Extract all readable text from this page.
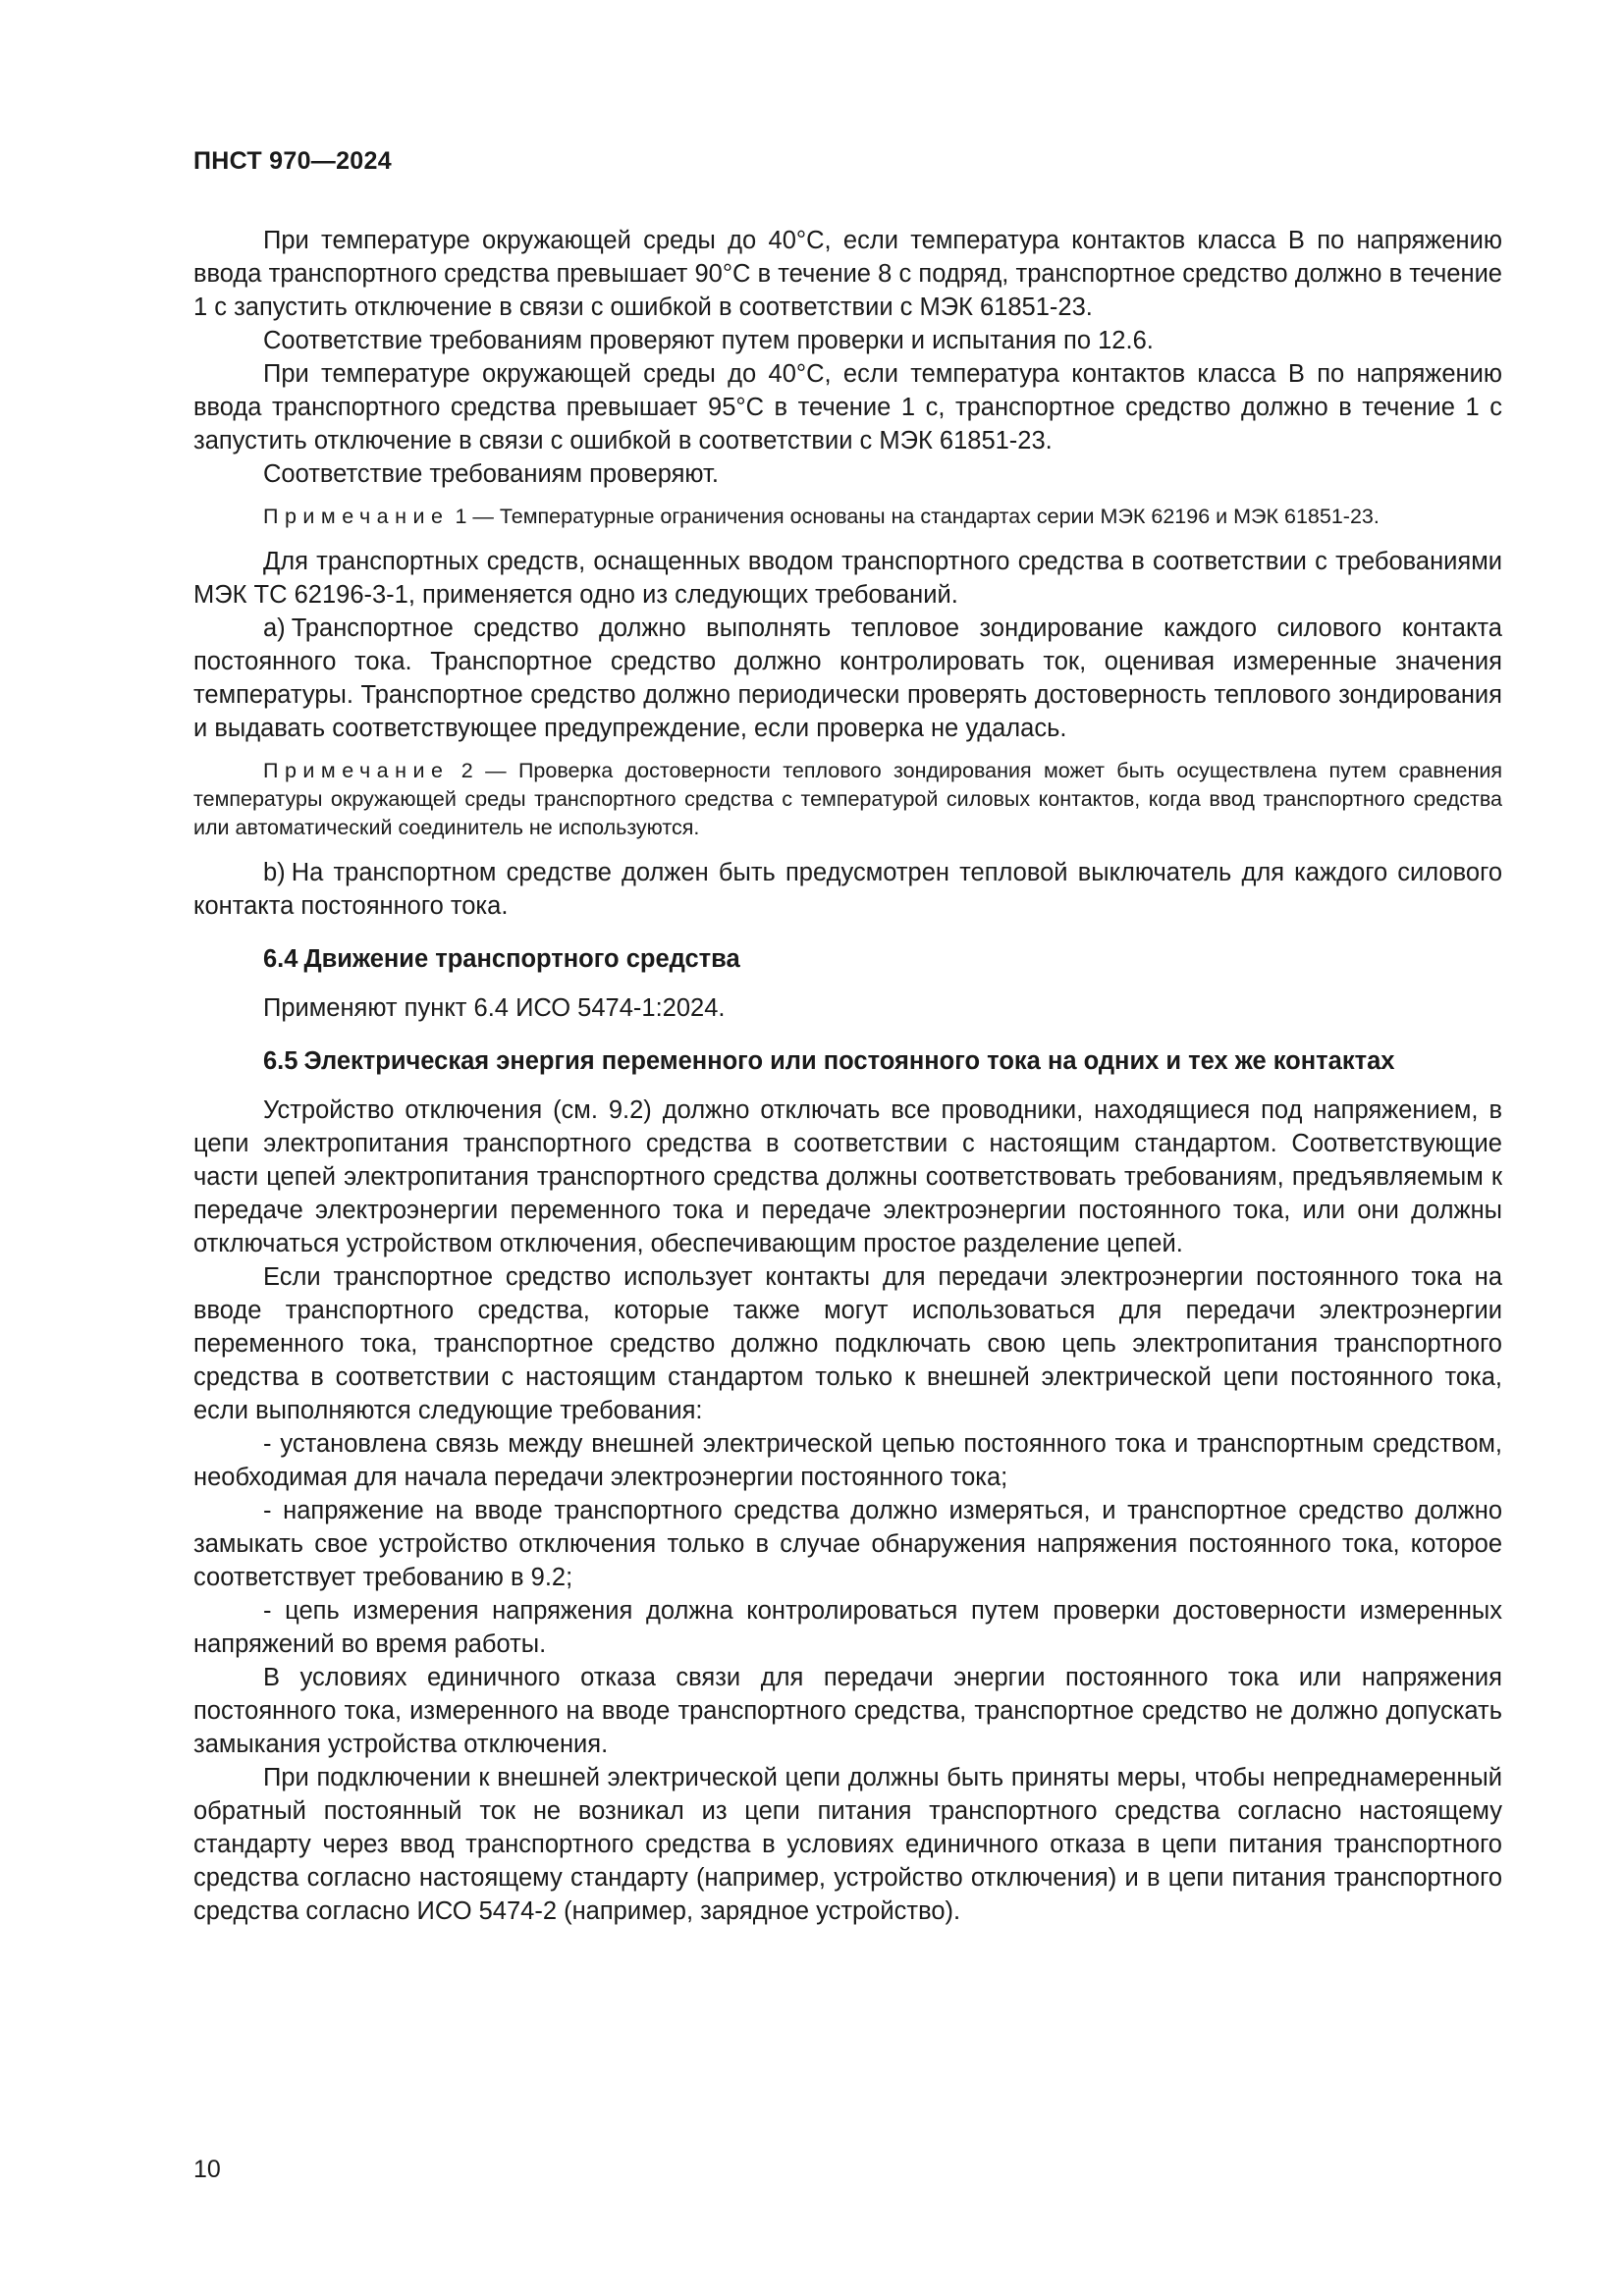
ПНСТ 970—2024

При температуре окружающей среды до 40°C, если температура контактов класса B по напряжению ввода транспортного средства превышает 90°C в течение 8 с подряд, транспортное средство должно в течение 1 с запустить отключение в связи с ошибкой в соответствии с МЭК 61851-23.

Соответствие требованиям проверяют путем проверки и испытания по 12.6.

При температуре окружающей среды до 40°C, если температура контактов класса B по напряжению ввода транспортного средства превышает 95°C в течение 1 с, транспортное средство должно в течение 1 с запустить отключение в связи с ошибкой в соответствии с МЭК 61851-23.

Соответствие требованиям проверяют.

Примечание 1 — Температурные ограничения основаны на стандартах серии МЭК 62196 и МЭК 61851-23.

Для транспортных средств, оснащенных вводом транспортного средства в соответствии с требованиями МЭК ТС 62196-3-1, применяется одно из следующих требований.

a) Транспортное средство должно выполнять тепловое зондирование каждого силового контакта постоянного тока. Транспортное средство должно контролировать ток, оценивая измеренные значения температуры. Транспортное средство должно периодически проверять достоверность теплового зондирования и выдавать соответствующее предупреждение, если проверка не удалась.

Примечание 2 — Проверка достоверности теплового зондирования может быть осуществлена путем сравнения температуры окружающей среды транспортного средства с температурой силовых контактов, когда ввод транспортного средства или автоматический соединитель не используются.

b) На транспортном средстве должен быть предусмотрен тепловой выключатель для каждого силового контакта постоянного тока.

6.4 Движение транспортного средства

Применяют пункт 6.4 ИСО 5474-1:2024.

6.5 Электрическая энергия переменного или постоянного тока на одних и тех же контактах

Устройство отключения (см. 9.2) должно отключать все проводники, находящиеся под напряжением, в цепи электропитания транспортного средства в соответствии с настоящим стандартом. Соответствующие части цепей электропитания транспортного средства должны соответствовать требованиям, предъявляемым к передаче электроэнергии переменного тока и передаче электроэнергии постоянного тока, или они должны отключаться устройством отключения, обеспечивающим простое разделение цепей.

Если транспортное средство использует контакты для передачи электроэнергии постоянного тока на вводе транспортного средства, которые также могут использоваться для передачи электроэнергии переменного тока, транспортное средство должно подключать свою цепь электропитания транспортного средства в соответствии с настоящим стандартом только к внешней электрической цепи постоянного тока, если выполняются следующие требования:

- установлена связь между внешней электрической цепью постоянного тока и транспортным средством, необходимая для начала передачи электроэнергии постоянного тока;

- напряжение на вводе транспортного средства должно измеряться, и транспортное средство должно замыкать свое устройство отключения только в случае обнаружения напряжения постоянного тока, которое соответствует требованию в 9.2;

- цепь измерения напряжения должна контролироваться путем проверки достоверности измеренных напряжений во время работы.

В условиях единичного отказа связи для передачи энергии постоянного тока или напряжения постоянного тока, измеренного на вводе транспортного средства, транспортное средство не должно допускать замыкания устройства отключения.

При подключении к внешней электрической цепи должны быть приняты меры, чтобы непреднамеренный обратный постоянный ток не возникал из цепи питания транспортного средства согласно настоящему стандарту через ввод транспортного средства в условиях единичного отказа в цепи питания транспортного средства согласно настоящему стандарту (например, устройство отключения) и в цепи питания транспортного средства согласно ИСО 5474-2 (например, зарядное устройство).

10
